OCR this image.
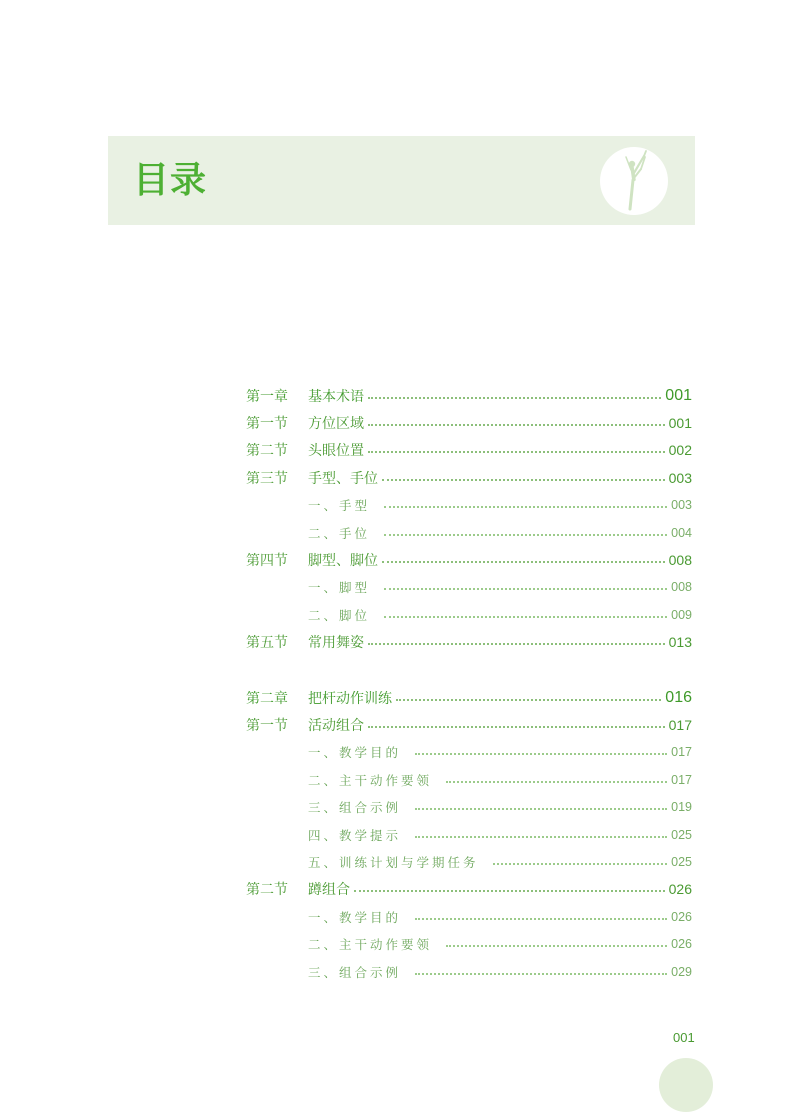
目录
第一章 基本术语	001
第一节 方位区域	001
第二节 头眼位置	002
第三节 手型、手位	003
一、手型	003
二、手位	004
第四节 脚型、脚位	008
一、脚型	008
二、脚位	009
第五节 常用舞姿	013
第二章 把杆动作训练	016
第一节 活动组合	017
一、教学目的	017
二、主干动作要领	017
三、组合示例	019
四、教学提示	025
五、训练计划与学期任务	025
第二节 蹲组合	026
一、教学目的	026
二、主干动作要领	026
三、组合示例	029
001
